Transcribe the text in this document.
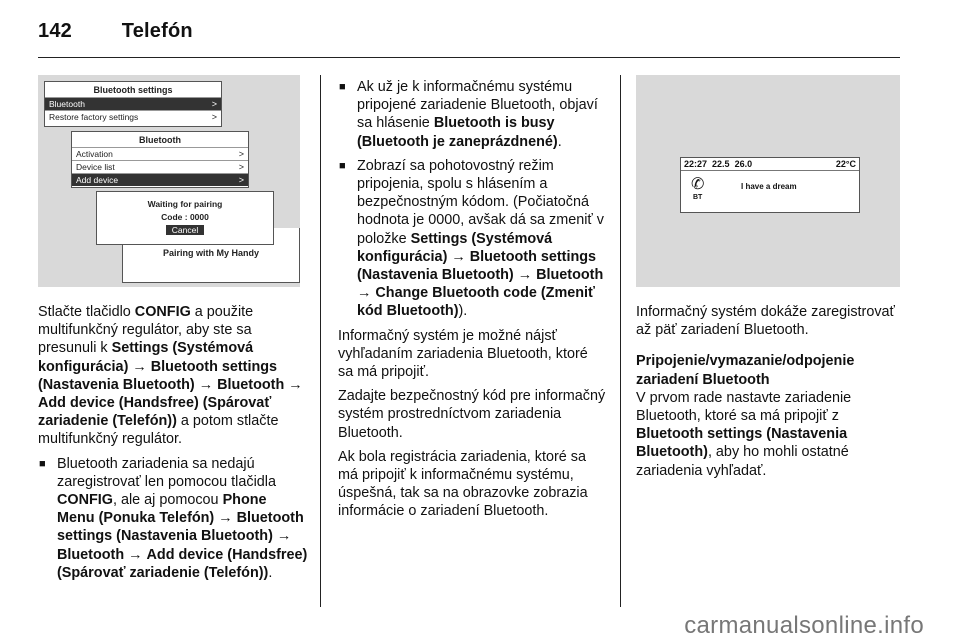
142 Telefón
Bluetooth settings
Bluetooth	>
Restore factory settings	>
Bluetooth
Activation	>
Device list	>
Add device	>
Pairing with My Handy
Waiting for pairing
Code : 0000
Cancel
22:27 22.5 26.0	22°C
✆
BT
I have a dream

Stlačte tlačidlo CONFIG a použite multifunkčný regulátor, aby ste sa presunuli k Settings (Systémová konfigurácia) → Bluetooth settings (Nastavenia Bluetooth) → Bluetooth → Add device (Handsfree) (Spárovať zariadenie (Telefón)) a potom stlačte multifunkčný regulátor.

■ Bluetooth zariadenia sa nedajú zaregistrovať len pomocou tlačidla CONFIG, ale aj pomocou Phone Menu (Ponuka Telefón) → Bluetooth settings (Nastavenia Bluetooth) → Bluetooth → Add device (Handsfree) (Spárovať zariadenie (Telefón)).
■ Ak už je k informačnému systému pripojené zariadenie Bluetooth, objaví sa hlásenie Bluetooth is busy (Bluetooth je zaneprázdnené).
■ Zobrazí sa pohotovostný režim pripojenia, spolu s hlásením a bezpečnostným kódom. (Počiatočná hodnota je 0000, avšak dá sa zmeniť v položke Settings (Systémová konfigurácia) → Bluetooth settings (Nastavenia Bluetooth) → Bluetooth → Change Bluetooth code (Zmeniť kód Bluetooth)).

Informačný systém je možné nájsť vyhľadaním zariadenia Bluetooth, ktoré sa má pripojiť.

Zadajte bezpečnostný kód pre informačný systém prostredníctvom zariadenia Bluetooth.

Ak bola registrácia zariadenia, ktoré sa má pripojiť k informačnému systému, úspešná, tak sa na obrazovke zobrazia informácie o zariadení Bluetooth.

Informačný systém dokáže zaregistrovať až päť zariadení Bluetooth.

Pripojenie/vymazanie/odpojenie zariadení Bluetooth

V prvom rade nastavte zariadenie Bluetooth, ktoré sa má pripojiť z Bluetooth settings (Nastavenia Bluetooth), aby ho mohli ostatné zariadenia vyhľadať.

carmanualsonline.info
